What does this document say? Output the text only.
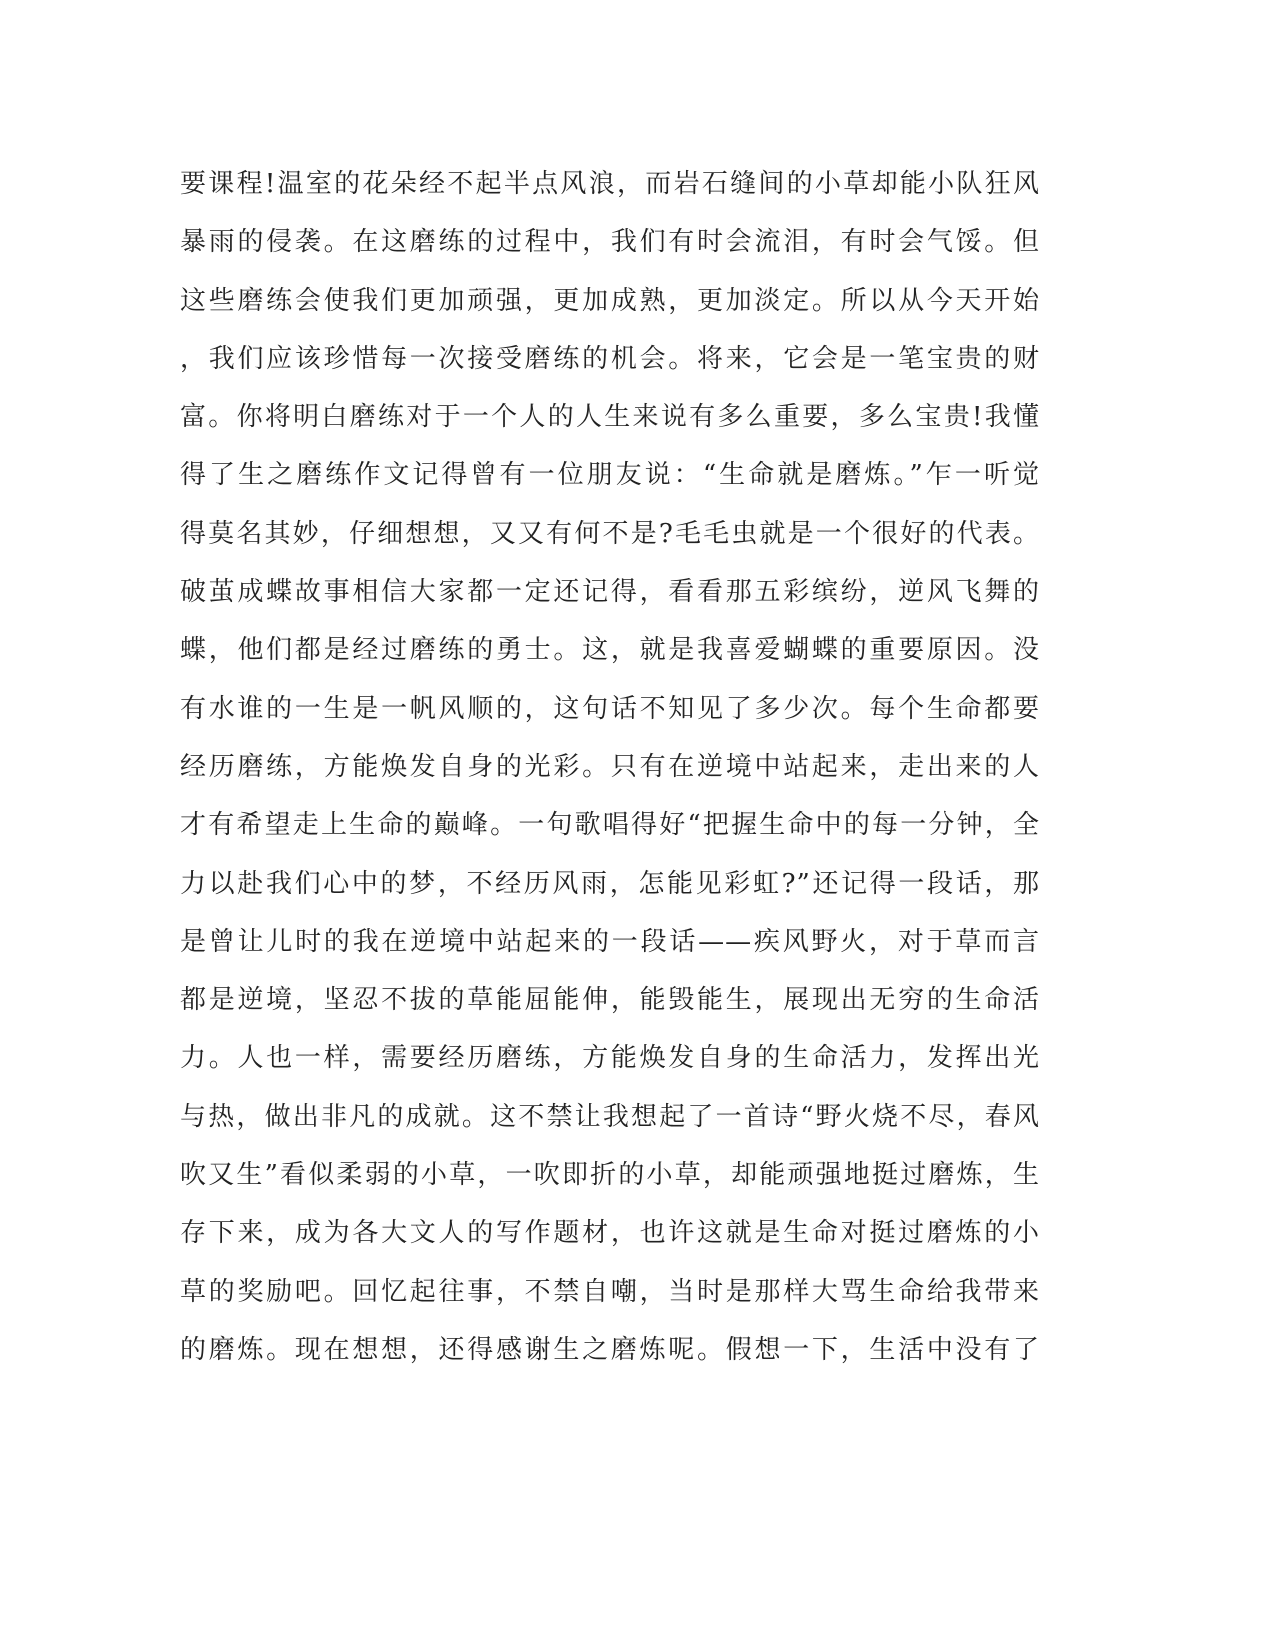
要课程!温室的花朵经不起半点风浪，而岩石缝间的小草却能小队狂风
暴雨的侵袭。在这磨练的过程中，我们有时会流泪，有时会气馁。但
这些磨练会使我们更加顽强，更加成熟，更加淡定。所以从今天开始
，我们应该珍惜每一次接受磨练的机会。将来，它会是一笔宝贵的财
富。你将明白磨练对于一个人的人生来说有多么重要，多么宝贵!我懂
得了生之磨练作文记得曾有一位朋友说：“生命就是磨炼。”乍一听觉
得莫名其妙，仔细想想，又又有何不是?毛毛虫就是一个很好的代表。
破茧成蝶故事相信大家都一定还记得，看看那五彩缤纷，逆风飞舞的
蝶，他们都是经过磨练的勇士。这，就是我喜爱蝴蝶的重要原因。没
有水谁的一生是一帆风顺的，这句话不知见了多少次。每个生命都要
经历磨练，方能焕发自身的光彩。只有在逆境中站起来，走出来的人
才有希望走上生命的巅峰。一句歌唱得好“把握生命中的每一分钟，全
力以赴我们心中的梦，不经历风雨，怎能见彩虹?”还记得一段话，那
是曾让儿时的我在逆境中站起来的一段话——疾风野火，对于草而言
都是逆境，坚忍不拔的草能屈能伸，能毁能生，展现出无穷的生命活
力。人也一样，需要经历磨练，方能焕发自身的生命活力，发挥出光
与热，做出非凡的成就。这不禁让我想起了一首诗“野火烧不尽，春风
吹又生”看似柔弱的小草，一吹即折的小草，却能顽强地挺过磨炼，生
存下来，成为各大文人的写作题材，也许这就是生命对挺过磨炼的小
草的奖励吧。回忆起往事，不禁自嘲，当时是那样大骂生命给我带来
的磨炼。现在想想，还得感谢生之磨炼呢。假想一下，生活中没有了
